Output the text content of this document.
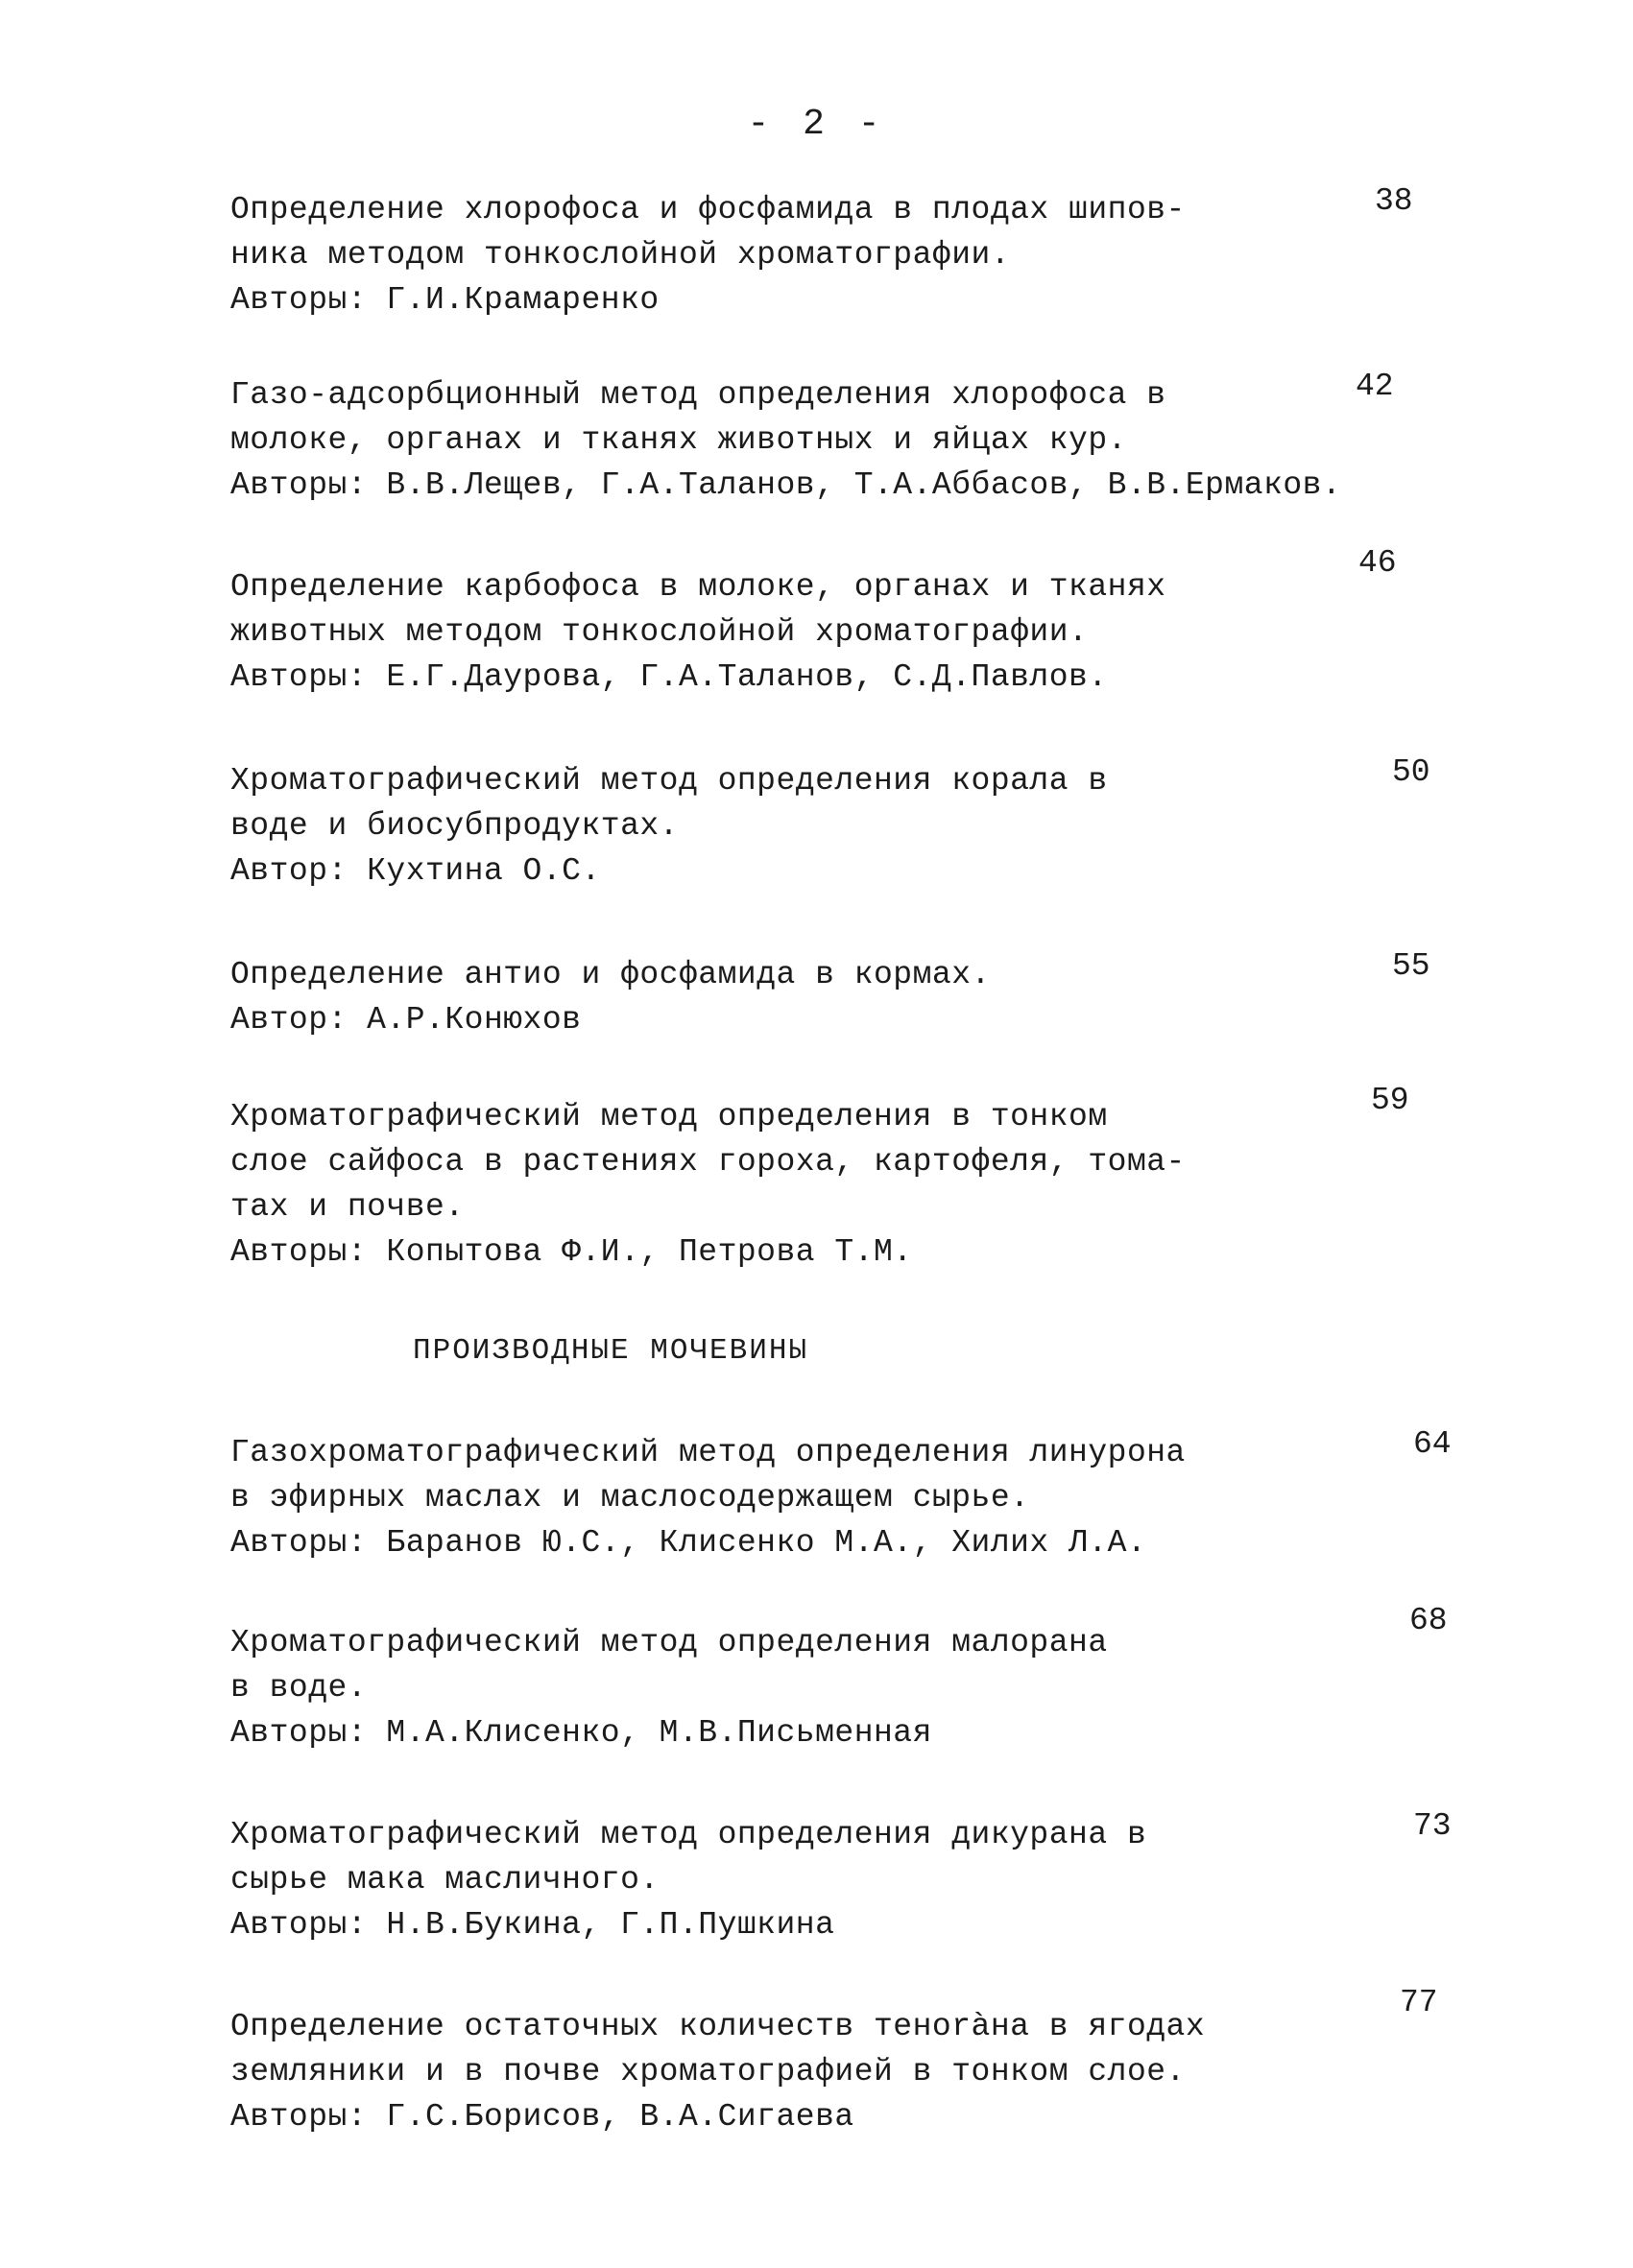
- 2 -
Определение хлорофоса и фосфамида в плодах шипов-
ника методом тонкослойной хроматографии.
Авторы: Г.И.Крамаренко
38
Газо-адсорбционный метод определения хлорофоса в
молоке, органах и тканях животных и яйцах кур.
Авторы: В.В.Лещев, Г.А.Таланов, Т.А.Аббасов, В.В.Ермаков.
42
Определение карбофоса в молоке, органах и тканях
животных методом тонкослойной хроматографии.
Авторы: Е.Г.Даурова, Г.А.Таланов, С.Д.Павлов.
46
Хроматографический метод определения корала в
воде и биосубпродуктах.
Автор: Кухтина О.С.
50
Определение антио и фосфамида в кормах.
Автор: А.Р.Конюхов
55
Хроматографический метод определения в тонком
слое сайфоса в растениях гороха, картофеля, тома-
тах и почве.
Авторы: Копытова Ф.И., Петрова Т.М.
59
ПРОИЗВОДНЫЕ МОЧЕВИНЫ
Газохроматографический метод определения линурона
в эфирных маслах и маслосодержащем сырье.
Авторы: Баранов Ю.С., Клисенко М.А., Хилих Л.А.
64
Хроматографический метод определения малорана
в воде.
Авторы: М.А.Клисенко, М.В.Письменная
68
Хроматографический метод определения дикурана в
сырье мака масличного.
Авторы: Н.В.Букина, Г.П.Пушкина
73
Определение остаточных количеств теноràна в ягодах
земляники и в почве хроматографией в тонком слое.
Авторы: Г.С.Борисов, В.А.Сигаева
77
